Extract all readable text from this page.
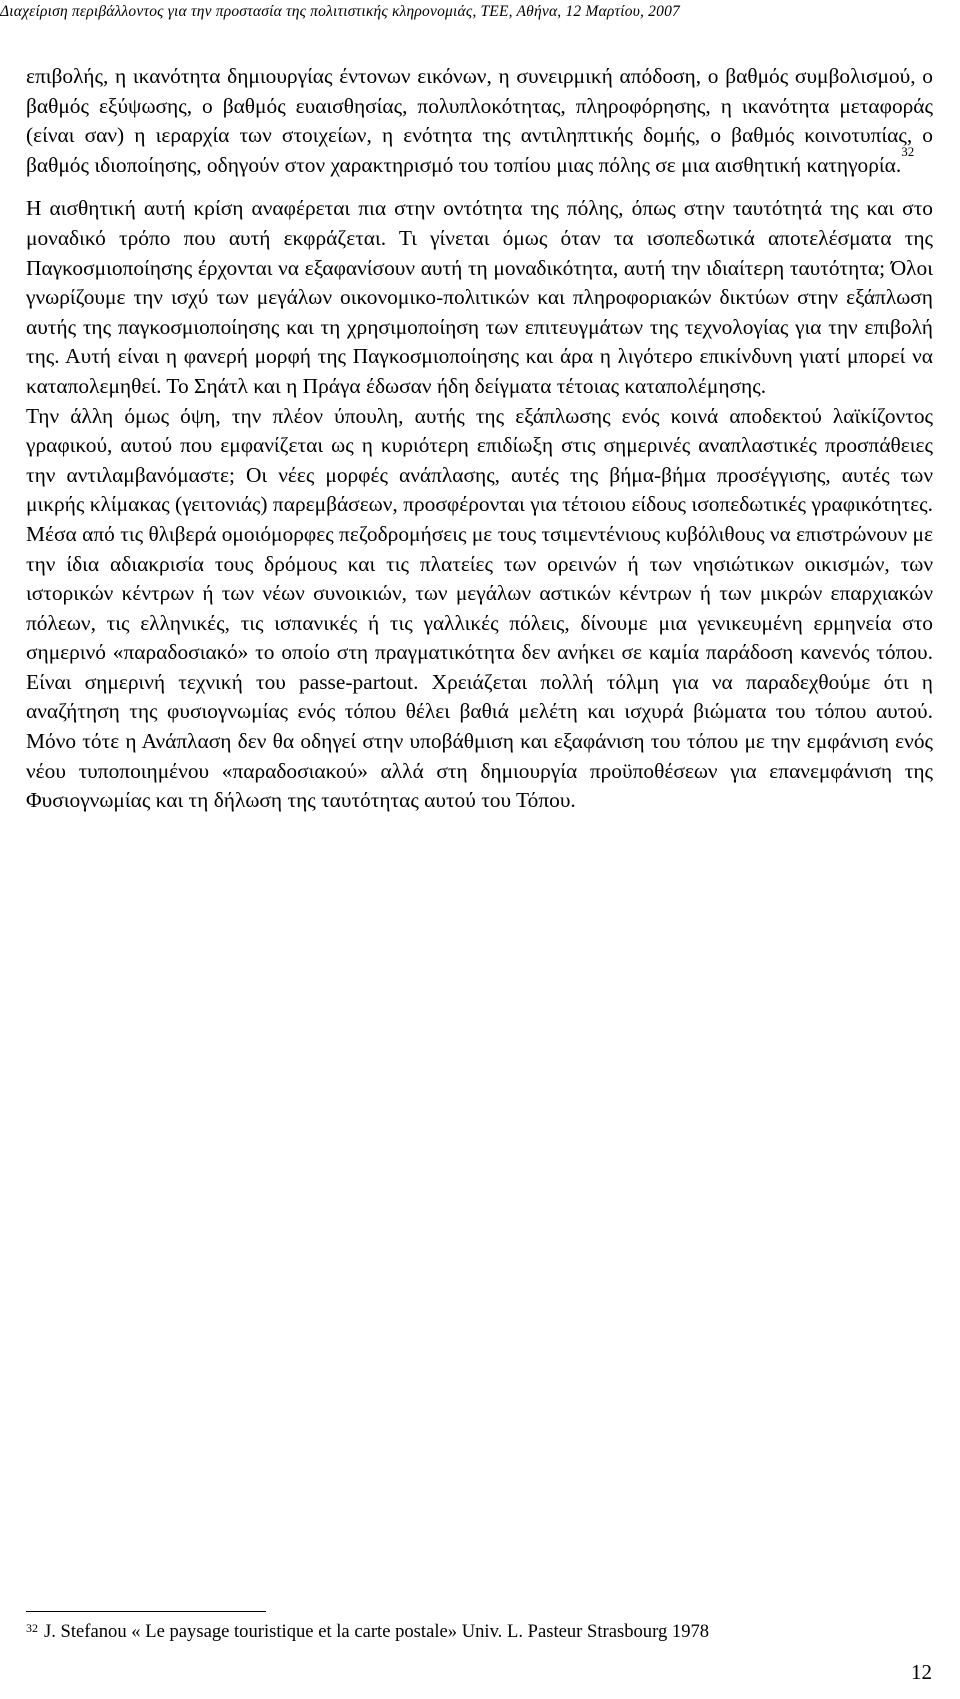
Διαχείριση περιβάλλοντος για την προστασία της πολιτιστικής κληρονομιάς, ΤΕΕ, Αθήνα, 12 Μαρτίου, 2007

επιβολής, η ικανότητα δημιουργίας έντονων εικόνων, η συνειρμική απόδοση, ο βαθμός συμβολισμού, ο βαθμός εξύψωσης, ο βαθμός ευαισθησίας, πολυπλοκότητας, πληροφόρησης, η ικανότητα μεταφοράς (είναι σαν) η ιεραρχία των στοιχείων, η ενότητα της αντιληπτικής δομής, ο βαθμός κοινοτυπίας, ο βαθμός ιδιοποίησης, οδηγούν στον χαρακτηρισμό του τοπίου μιας πόλης σε μια αισθητική κατηγορία.$^{32}$

Η αισθητική αυτή κρίση αναφέρεται πια στην οντότητα της πόλης, όπως στην ταυτότητά της και στο μοναδικό τρόπο που αυτή εκφράζεται. Τι γίνεται όμως όταν τα ισοπεδωτικά αποτελέσματα της Παγκοσμιοποίησης έρχονται να εξαφανίσουν αυτή τη μοναδικότητα, αυτή την ιδιαίτερη ταυτότητα; Όλοι γνωρίζουμε την ισχύ των μεγάλων οικονομικο-πολιτικών και πληροφοριακών δικτύων στην εξάπλωση αυτής της παγκοσμιοποίησης και τη χρησιμοποίηση των επιτευγμάτων της τεχνολογίας για την επιβολή της. Αυτή είναι η φανερή μορφή της Παγκοσμιοποίησης και άρα η λιγότερο επικίνδυνη γιατί μπορεί να καταπολεμηθεί. Το Σηάτλ και η Πράγα έδωσαν ήδη δείγματα τέτοιας καταπολέμησης.

Την άλλη όμως όψη, την πλέον ύπουλη, αυτής της εξάπλωσης ενός κοινά αποδεκτού λαϊκίζοντος γραφικού, αυτού που εμφανίζεται ως η κυριότερη επιδίωξη στις σημερινές αναπλαστικές προσπάθειες την αντιλαμβανόμαστε; Οι νέες μορφές ανάπλασης, αυτές της βήμα-βήμα προσέγγισης, αυτές των μικρής κλίμακας (γειτονιάς) παρεμβάσεων, προσφέρονται για τέτοιου είδους ισοπεδωτικές γραφικότητες. Μέσα από τις θλιβερά ομοιόμορφες πεζοδρομήσεις με τους τσιμεντένιους κυβόλιθους να επιστρώνουν με την ίδια αδιακρισία τους δρόμους και τις πλατείες των ορεινών ή των νησιώτικων οικισμών, των ιστορικών κέντρων ή των νέων συνοικιών, των μεγάλων αστικών κέντρων ή των μικρών επαρχιακών πόλεων, τις ελληνικές, τις ισπανικές ή τις γαλλικές πόλεις, δίνουμε μια γενικευμένη ερμηνεία στο σημερινό «παραδοσιακό» το οποίο στη πραγματικότητα δεν ανήκει σε καμία παράδοση κανενός τόπου. Είναι σημερινή τεχνική του passe-partout. Χρειάζεται πολλή τόλμη για να παραδεχθούμε ότι η αναζήτηση της φυσιογνωμίας ενός τόπου θέλει βαθιά μελέτη και ισχυρά βιώματα του τόπου αυτού. Μόνο τότε η Ανάπλαση δεν θα οδηγεί στην υποβάθμιση και εξαφάνιση του τόπου με την εμφάνιση ενός νέου τυποποιημένου «παραδοσιακού» αλλά στη δημιουργία προϋποθέσεων για επανεμφάνιση της Φυσιογνωμίας και τη δήλωση της ταυτότητας αυτού του Τόπου.

$^{32}$ J. Stefanou « Le paysage touristique et la carte postale» Univ. L. Pasteur Strasbourg 1978
12
